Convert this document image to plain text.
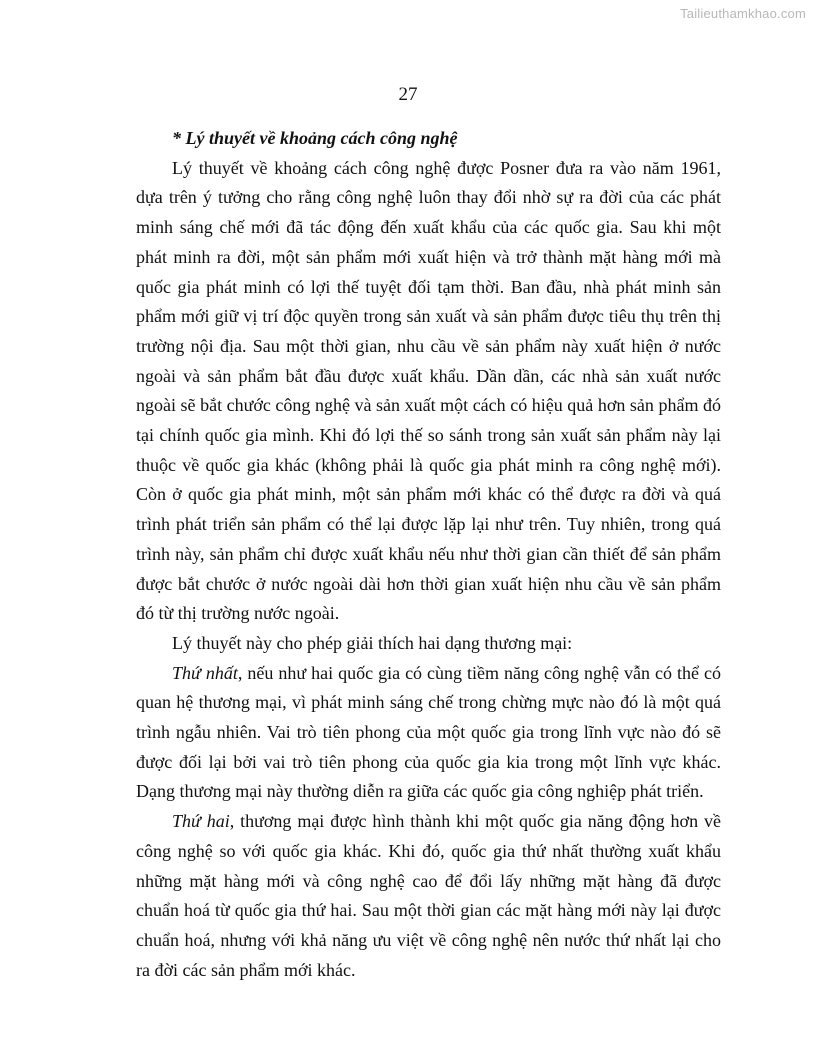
Tailieuthamkhao.com
27

* Lý thuyết về khoảng cách công nghệ

Lý thuyết về khoảng cách công nghệ được Posner đưa ra vào năm 1961, dựa trên ý tưởng cho rằng công nghệ luôn thay đổi nhờ sự ra đời của các phát minh sáng chế mới đã tác động đến xuất khẩu của các quốc gia. Sau khi một phát minh ra đời, một sản phẩm mới xuất hiện và trở thành mặt hàng mới mà quốc gia phát minh có lợi thế tuyệt đối tạm thời. Ban đầu, nhà phát minh sản phẩm mới giữ vị trí độc quyền trong sản xuất và sản phẩm được tiêu thụ trên thị trường nội địa. Sau một thời gian, nhu cầu về sản phẩm này xuất hiện ở nước ngoài và sản phẩm bắt đầu được xuất khẩu. Dần dần, các nhà sản xuất nước ngoài sẽ bắt chước công nghệ và sản xuất một cách có hiệu quả hơn sản phẩm đó tại chính quốc gia mình. Khi đó lợi thế so sánh trong sản xuất sản phẩm này lại thuộc về quốc gia khác (không phải là quốc gia phát minh ra công nghệ mới). Còn ở quốc gia phát minh, một sản phẩm mới khác có thể được ra đời và quá trình phát triển sản phẩm có thể lại được lặp lại như trên. Tuy nhiên, trong quá trình này, sản phẩm chỉ được xuất khẩu nếu như thời gian cần thiết để sản phẩm được bắt chước ở nước ngoài dài hơn thời gian xuất hiện nhu cầu về sản phẩm đó từ thị trường nước ngoài.

Lý thuyết này cho phép giải thích hai dạng thương mại:

Thứ nhất, nếu như hai quốc gia có cùng tiềm năng công nghệ vẫn có thể có quan hệ thương mại, vì phát minh sáng chế trong chừng mực nào đó là một quá trình ngẫu nhiên. Vai trò tiên phong của một quốc gia trong lĩnh vực nào đó sẽ được đối lại bởi vai trò tiên phong của quốc gia kia trong một lĩnh vực khác. Dạng thương mại này thường diễn ra giữa các quốc gia công nghiệp phát triển.

Thứ hai, thương mại được hình thành khi một quốc gia năng động hơn về công nghệ so với quốc gia khác. Khi đó, quốc gia thứ nhất thường xuất khẩu những mặt hàng mới và công nghệ cao để đổi lấy những mặt hàng đã được chuẩn hoá từ quốc gia thứ hai. Sau một thời gian các mặt hàng mới này lại được chuẩn hoá, nhưng với khả năng ưu việt về công nghệ nên nước thứ nhất lại cho ra đời các sản phẩm mới khác.
